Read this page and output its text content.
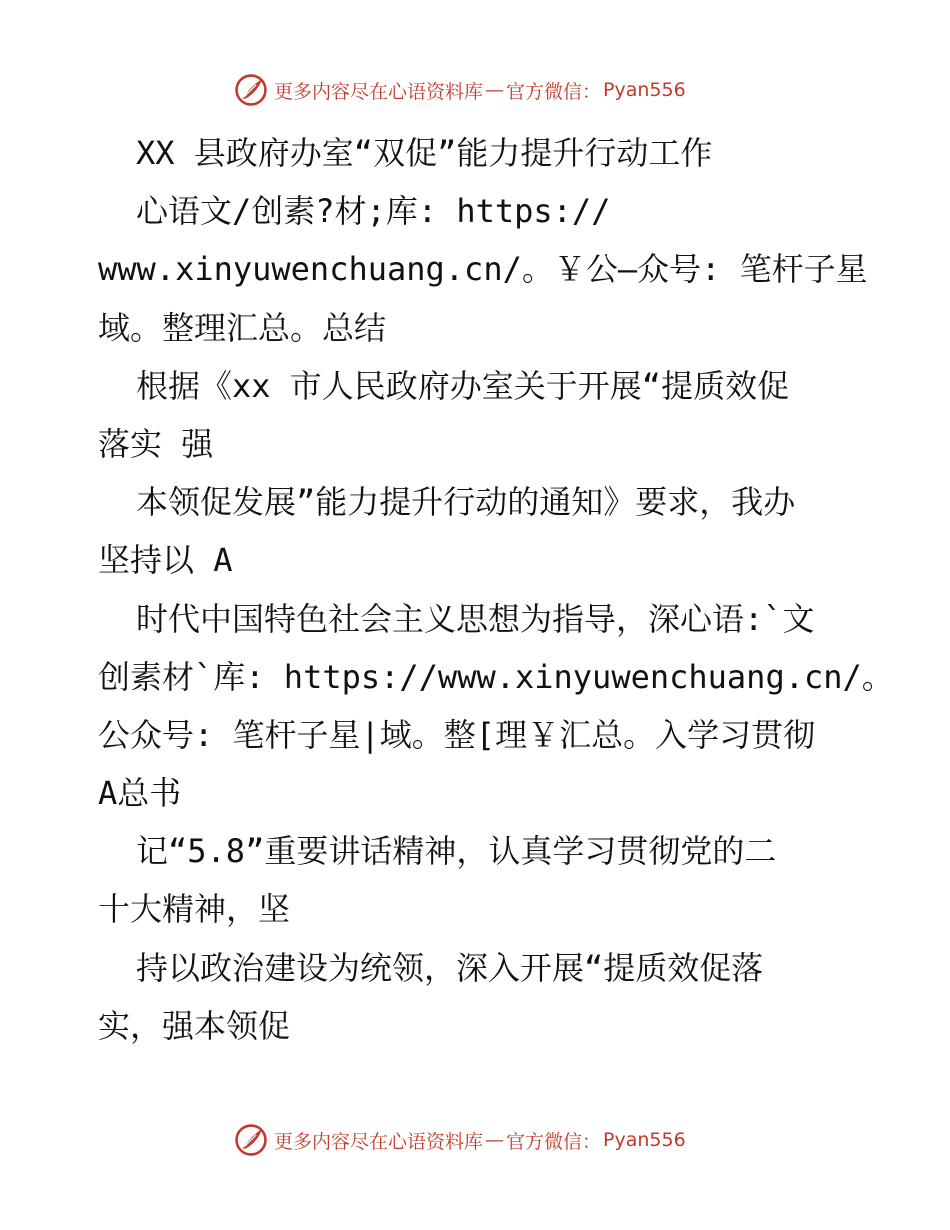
更多内容尽在心语资料库 — 官方微信： Pyan556
XX 县政府办室“双促”能力提升行动工作
心语文/创素?材;库: https://
www.xinyuwenchuang.cn/。￥公—众号: 笔杆子星
域。整理汇总。总结
根据《xx 市人民政府办室关于开展“提质效促
落实 强
本领促发展”能力提升行动的通知》要求，我办
坚持以 A
时代中国特色社会主义思想为指导，深心语:`文
创素材`库: https://www.xinyuwenchuang.cn/。
公众号: 笔杆子星|域。整[理￥汇总。入学习贯彻
A总书
记“5.8”重要讲话精神，认真学习贯彻党的二
十大精神，坚
持以政治建设为统领，深入开展“提质效促落
实，强本领促
更多内容尽在心语资料库 — 官方微信： Pyan556
